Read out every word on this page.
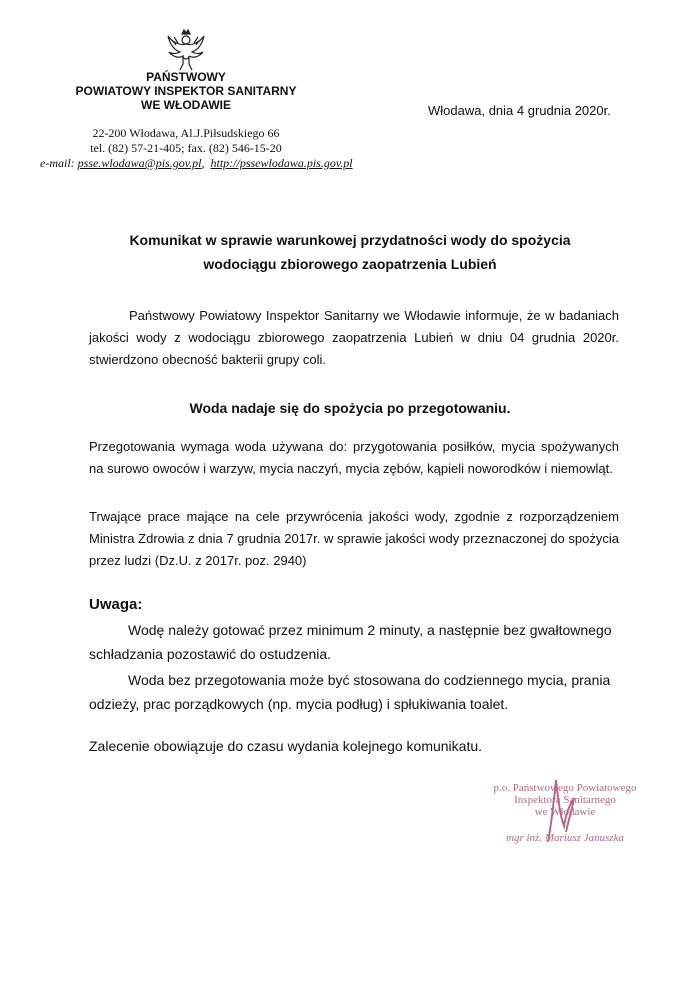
PAŃSTWOWY
POWIATOWY INSPEKTOR SANITARNY
WE WŁODAWIE	Włodawa, dnia 4 grudnia 2020r.
22-200 Włodawa, Al.J.Piłsudskiego 66
tel. (82) 57-21-405; fax. (82) 546-15-20
e-mail: psse.wlodawa@pis.gov.pl,  http://pssewlodawa.pis.gov.pl
Komunikat w sprawie warunkowej przydatności wody do spożycia
wodociągu zbiorowego zaopatrzenia Lubień
Państwowy Powiatowy Inspektor Sanitarny we Włodawie informuje, że w badaniach jakości wody z wodociągu zbiorowego zaopatrzenia Lubień w dniu 04 grudnia 2020r. stwierdzono obecność bakterii grupy coli.
Woda nadaje się do spożycia po przegotowaniu.
Przegotowania wymaga woda używana do: przygotowania posiłków, mycia spożywanych na surowo owoców i warzyw, mycia naczyń, mycia zębów, kąpieli noworodków i niemowląt.
Trwające prace mające na cele przywrócenia jakości wody, zgodnie z rozporządzeniem Ministra Zdrowia z dnia 7 grudnia 2017r. w sprawie jakości wody przeznaczonej do spożycia przez ludzi (Dz.U. z 2017r. poz. 2940)
Uwaga:

Wodę należy gotować przez minimum 2 minuty, a następnie bez gwałtownego schładzania pozostawić do ostudzenia.

Woda bez przegotowania może być stosowana do codziennego mycia, prania odzieży, prac porządkowych (np. mycia podług) i spłukiwania toalet.

Zalecenie obowiązuje do czasu wydania kolejnego komunikatu.
p.o. Państwowego Powiatowego
Inspektora Sanitarnego
we Włodawie
mgr inż. Mariusz Januszka
